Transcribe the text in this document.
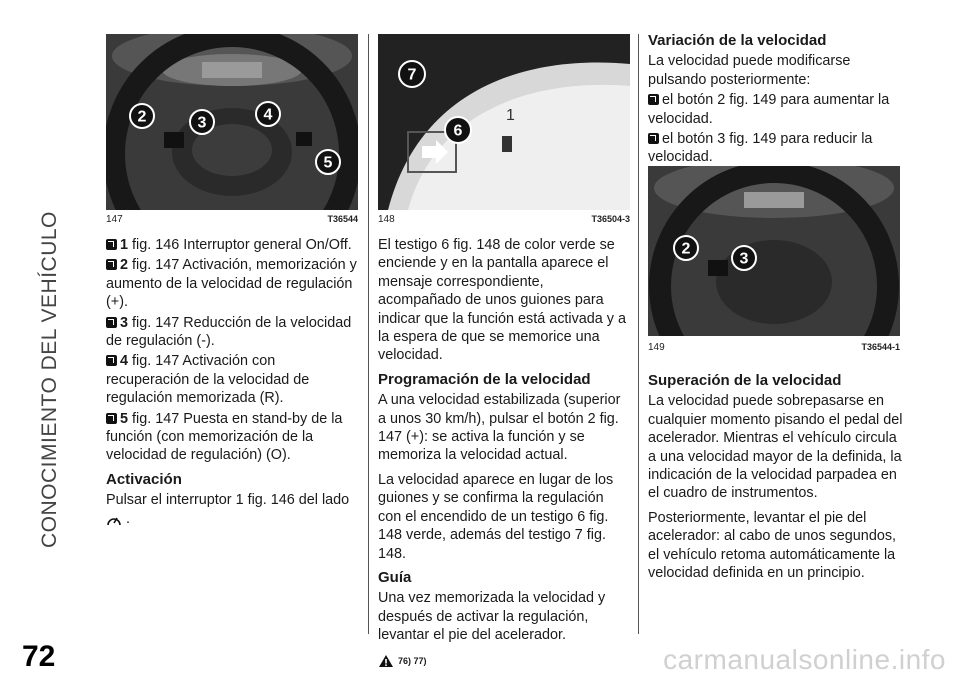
CONOCIMIENTO DEL VEHÍCULO
72	carmanualsonline.info
2	3	4
5
147	T36544
1
7
6
148	T36504-3
2
3
149	T36544-1
1 fig. 146 Interruptor general On/Off.
2 fig. 147 Activación, memorización y aumento de la velocidad de regulación (+).
3 fig. 147 Reducción de la velocidad de regulación (-).
4 fig. 147 Activación con recuperación de la velocidad de regulación memorizada (R).
5 fig. 147 Puesta en stand-by de la función (con memorización de la velocidad de regulación) (O).
Activación

Pulsar el interruptor 1 fig. 146 del lado
.

El testigo 6 fig. 148 de color verde se enciende y en la pantalla aparece el mensaje correspondiente, acompañado de unos guiones para indicar que la función está activada y a la espera de que se memorice una velocidad.

Programación de la velocidad

A una velocidad estabilizada (superior a unos 30 km/h), pulsar el botón 2 fig. 147 (+): se activa la función y se memoriza la velocidad actual.

La velocidad aparece en lugar de los guiones y se confirma la regulación con el encendido de un testigo 6 fig. 148 verde, además del testigo 7 fig. 148.

Guía

Una vez memorizada la velocidad y después de activar la regulación, levantar el pie del acelerador.

76) 77)
Variación de la velocidad

La velocidad puede modificarse pulsando posteriormente:

el botón 2 fig. 149 para aumentar la velocidad.
el botón 3 fig. 149 para reducir la velocidad.
Superación de la velocidad

La velocidad puede sobrepasarse en cualquier momento pisando el pedal del acelerador. Mientras el vehículo circula a una velocidad mayor de la definida, la indicación de la velocidad parpadea en el cuadro de instrumentos.

Posteriormente, levantar el pie del acelerador: al cabo de unos segundos, el vehículo retoma automáticamente la velocidad definida en un principio.
